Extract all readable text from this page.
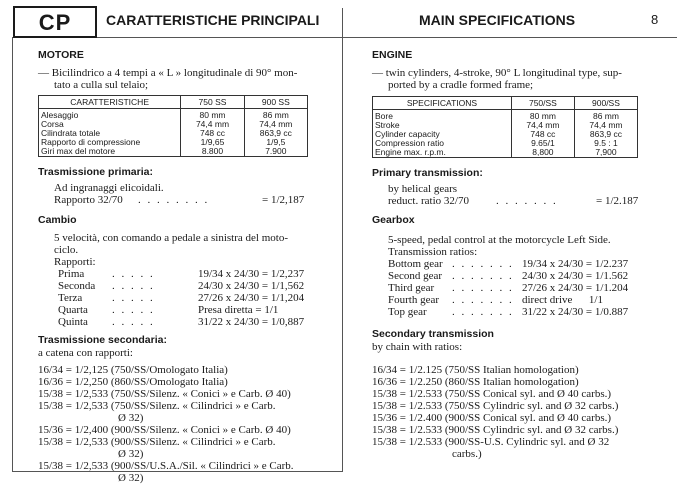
CP	CARATTERISTICHE PRINCIPALI	MAIN SPECIFICATIONS	8
MOTORE
— Bicilindrico a 4 tempi a « L » longitudinale di 90° mon-
tato a culla sul telaio;
CARATTERISTICHE	750 SS	900 SS
Alesaggio	80 mm	86 mm
Corsa	74,4 mm	74,4 mm
Cilindrata totale	748 cc	863,9 cc
Rapporto di compressione	1/9,65	1/9,5
Giri max del motore	8.800	7.900
Trasmissione primaria:
Ad ingranaggi elicoidali.
Rapporto 32/70 . . . . . . . .	= 1/2,187
Cambio
5 velocità, con comando a pedale a sinistra del moto-
ciclo.
Rapporti:
Prima	. . . . .	19/34 x 24/30 = 1/2,237
Seconda . . . . .	24/30 x 24/30 = 1/1,562
Terza	. . . . .	27/26 x 24/30 = 1/1,204
Quarta . . . . .	Presa diretta = 1/1
Quinta . . . . .	31/22 x 24/30 = 1/0,887
Trasmissione secondaria:
a catena con rapporti:
16/34 = 1/2,125 (750/SS/Omologato Italia)
16/36 = 1/2,250 (860/SS/Omologato Italia)
15/38 = 1/2,533 (750/SS/Silenz. « Conici » e Carb. Ø 40)
15/38 = 1/2,533 (750/SS/Silenz. « Cilindrici » e Carb.
Ø 32)
15/36 = 1/2,400 (900/SS/Silenz. « Conici » e Carb. Ø 40)
15/38 = 1/2,533 (900/SS/Silenz. « Cilindrici » e Carb.
Ø 32)
15/38 = 1/2,533 (900/SS/U.S.A./Sil. « Cilindrici » e Carb.
Ø 32)
ENGINE
— twin cylinders, 4-stroke, 90° L longitudinal type, sup-
ported by a cradle formed frame;
SPECIFICATIONS	750/SS	900/SS
Bore	80 mm	86 mm
Stroke	74,4 mm	74,4 mm
Cylinder capacity	748 cc	863,9 cc
Compression ratio	9.65/1	9.5 : 1
Engine max. r.p.m.	8,800	7,900
Primary transmission:
by helical gears
reduct. ratio 32/70 . . . . . . .	= 1/2.187
Gearbox
5-speed, pedal control at the motorcycle Left Side.
Transmission ratios:
Bottom gear . . . . . . . 19/34 x 24/30 = 1/2.237
Second gear . . . . . . . 24/30 x 24/30 = 1/1.562
Third gear . . . . . . . 27/26 x 24/30 = 1/1.204
Fourth gear . . . . . . . direct drive      1/1
Top gear . . . . . . . 31/22 x 24/30 = 1/0.887
Secondary transmission
by chain with ratios:
16/34 = 1/2.125 (750/SS Italian homologation)
16/36 = 1/2.250 (860/SS Italian homologation)
15/38 = 1/2.533 (750/SS Conical syl. and Ø 40 carbs.)
15/38 = 1/2.533 (750/SS Cylindric syl. and Ø 32 carbs.)
15/36 = 1/2.400 (900/SS Conical syl. and Ø 40 carbs.)
15/38 = 1/2.533 (900/SS Cylindric syl. and Ø 32 carbs.)
15/38 = 1/2.533 (900/SS-U.S. Cylindric syl. and Ø 32
carbs.)
